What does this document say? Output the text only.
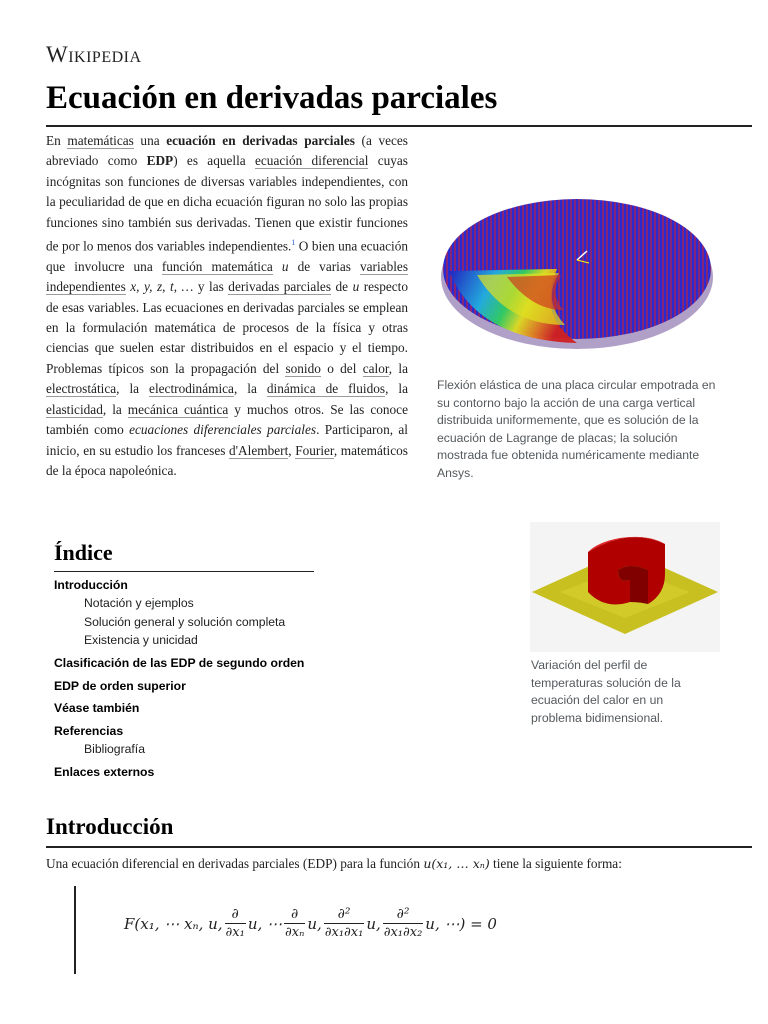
Wikipedia
Ecuación en derivadas parciales

En matemáticas una ecuación en derivadas parciales (a veces abreviado como EDP) es aquella ecuación diferencial cuyas incógnitas son funciones de diversas variables independientes, con la peculiaridad de que en dicha ecuación figuran no solo las propias funciones sino también sus derivadas. Tienen que existir funciones de por lo menos dos variables independientes.$^1$ O bien una ecuación que involucre una función matemática u de varias variables independientes x, y, z, t, … y las derivadas parciales de u respecto de esas variables. Las ecuaciones en derivadas parciales se emplean en la formulación matemática de procesos de la física y otras ciencias que suelen estar distribuidos en el espacio y el tiempo. Problemas típicos son la propagación del sonido o del calor, la electrostática, la electrodinámica, la dinámica de fluidos, la elasticidad, la mecánica cuántica y muchos otros. Se las conoce también como ecuaciones diferenciales parciales. Participaron, al inicio, en su estudio los franceses d'Alembert, Fourier, matemáticos de la época napoleónica.

Flexión elástica de una placa circular empotrada en su contorno bajo la acción de una carga vertical distribuida uniformemente, que es solución de la ecuación de Lagrange de placas; la solución mostrada fue obtenida numéricamente mediante Ansys.
Variación del perfil de temperaturas solución de la ecuación del calor en un problema bidimensional.
Índice
Introducción
Notación y ejemplos
Solución general y solución completa
Existencia y unicidad
Clasificación de las EDP de segundo orden
EDP de orden superior
Véase también
Referencias
Bibliografía
Enlaces externos
Introducción

Una ecuación diferencial en derivadas parciales (EDP) para la función u(x₁, … xₙ) tiene la siguiente forma:

F(x₁, ⋯ xₙ, u, $\frac{\partial}{\text{∂x₁}} u$, ⋯ $\frac{\partial}{\text{∂xₙ}} u$, $\frac{\text{∂²}}{\text{∂x₁∂x₁}} u$, $\frac{\text{∂²}}{\text{∂x₁∂x₂}} u$, ⋯) = 0
